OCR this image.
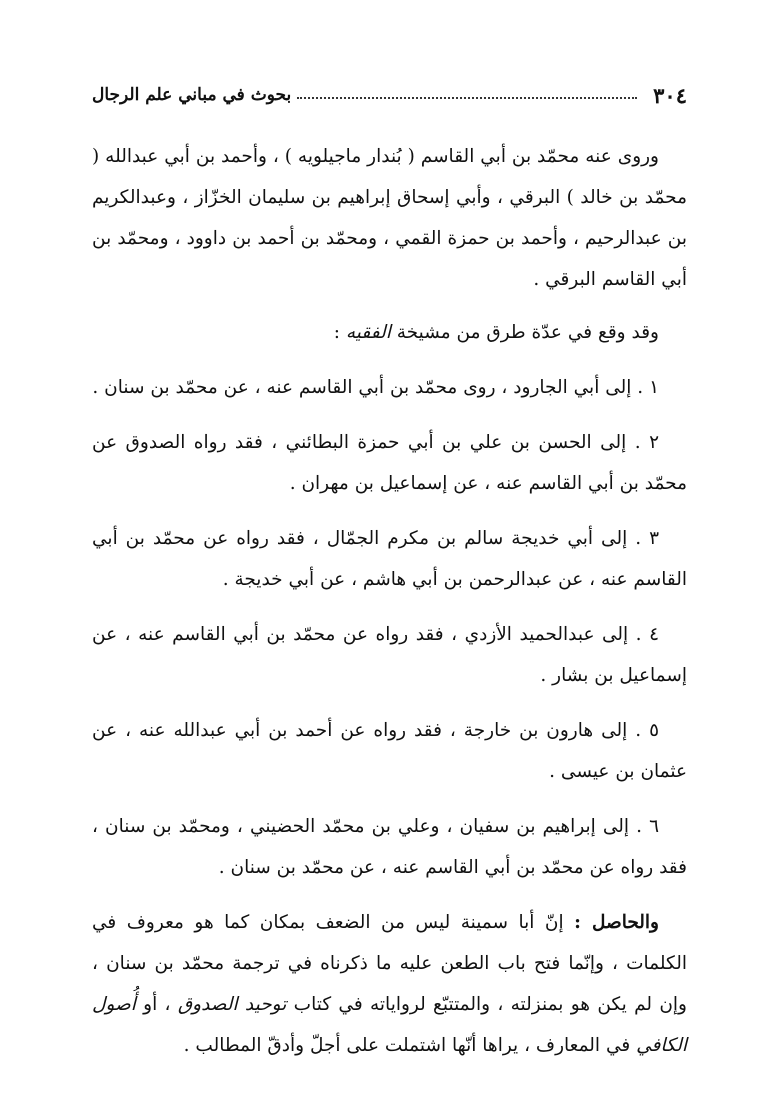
٣٠٤
بحوث في مباني علم الرجال

وروى عنه محمّد بن أبي القاسم ( بُندار ماجيلويه ) ، وأحمد بن أبي عبدالله ( محمّد بن خالد ) البرقي ، وأبي إسحاق إبراهيم بن سليمان الخزّاز ، وعبدالكريم بن عبدالرحيم ، وأحمد بن حمزة القمي ، ومحمّد بن أحمد بن داوود ، ومحمّد بن أبي القاسم البرقي .

وقد وقع في عدّة طرق من مشيخة الفقيه :

١ . إلى أبي الجارود ، روى محمّد بن أبي القاسم عنه ، عن محمّد بن سنان .

٢ . إلى الحسن بن علي بن أبي حمزة البطائني ، فقد رواه الصدوق عن محمّد بن أبي القاسم عنه ، عن إسماعيل بن مهران .

٣ . إلى أبي خديجة سالم بن مكرم الجمّال ، فقد رواه عن محمّد بن أبي القاسم عنه ، عن عبدالرحمن بن أبي هاشم ، عن أبي خديجة .

٤ . إلى عبدالحميد الأزدي ، فقد رواه عن محمّد بن أبي القاسم عنه ، عن إسماعيل بن بشار .

٥ . إلى هارون بن خارجة ، فقد رواه عن أحمد بن أبي عبدالله عنه ، عن عثمان بن عيسى .

٦ . إلى إبراهيم بن سفيان ، وعلي بن محمّد الحضيني ، ومحمّد بن سنان ، فقد رواه عن محمّد بن أبي القاسم عنه ، عن محمّد بن سنان .

والحاصل : إنّ أبا سمينة ليس من الضعف بمكان كما هو معروف في الكلمات ، وإنّما فتح باب الطعن عليه ما ذكرناه في ترجمة محمّد بن سنان ، وإن لم يكن هو بمنزلته ، والمتتبّع لرواياته في كتاب توحيد الصدوق ، أو أُصول الكافي في المعارف ، يراها أنّها اشتملت على أجلّ وأدقّ المطالب .
